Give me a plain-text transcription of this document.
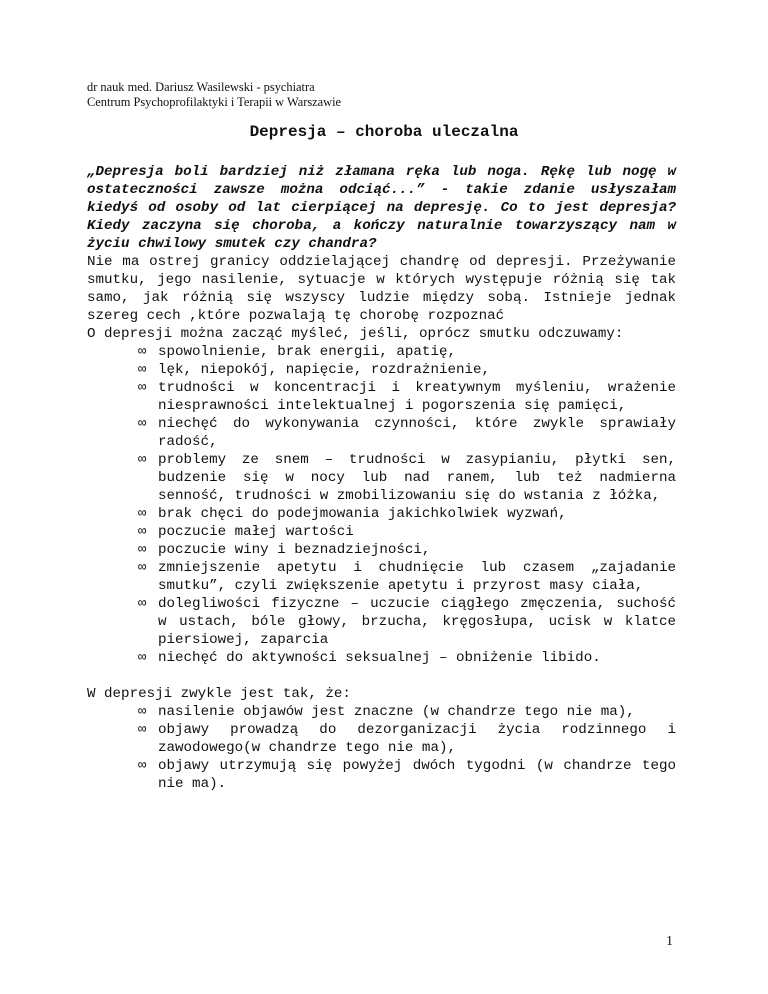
dr nauk med. Dariusz Wasilewski - psychiatra
Centrum Psychoprofilaktyki i Terapii w Warszawie
Depresja – choroba uleczalna

„Depresja boli bardziej niż złamana ręka lub noga. Rękę lub nogę w ostateczności zawsze można odciąć...” - takie zdanie usłyszałam kiedyś od osoby od lat cierpiącej na depresję. Co to jest depresja? Kiedy zaczyna się choroba, a kończy naturalnie towarzyszący nam w życiu chwilowy smutek czy chandra?

Nie ma ostrej granicy oddzielającej chandrę od depresji. Przeżywanie smutku, jego nasilenie, sytuacje w których występuje różnią się tak samo, jak różnią się wszyscy ludzie między sobą. Istnieje jednak szereg cech ,które pozwalają tę chorobę rozpoznać

O depresji można zacząć myśleć, jeśli, oprócz smutku odczuwamy:

∞ spowolnienie, brak energii, apatię,
∞ lęk, niepokój, napięcie, rozdrażnienie,
∞ trudności w koncentracji i kreatywnym myśleniu, wrażenie niesprawności intelektualnej i pogorszenia się pamięci,
∞ niechęć do wykonywania czynności, które zwykle sprawiały radość,
∞ problemy ze snem – trudności w zasypianiu, płytki sen, budzenie się w nocy lub nad ranem, lub też nadmierna senność, trudności w zmobilizowaniu się do wstania z łóżka,
∞ brak chęci do podejmowania jakichkolwiek wyzwań,
∞ poczucie małej wartości
∞ poczucie winy i beznadziejności,
∞ zmniejszenie apetytu i chudnięcie lub czasem „zajadanie smutku”, czyli zwiększenie apetytu i przyrost masy ciała,
∞ dolegliwości fizyczne – uczucie ciągłego zmęczenia, suchość w ustach, bóle głowy, brzucha, kręgosłupa, ucisk w klatce piersiowej, zaparcia
∞ niechęć do aktywności seksualnej – obniżenie libido.

W depresji zwykle jest tak, że:

∞ nasilenie objawów jest znaczne (w chandrze tego nie ma),
∞ objawy prowadzą do dezorganizacji życia rodzinnego i zawodowego(w chandrze tego nie ma),
∞ objawy utrzymują się powyżej dwóch tygodni (w chandrze tego nie ma).
1
